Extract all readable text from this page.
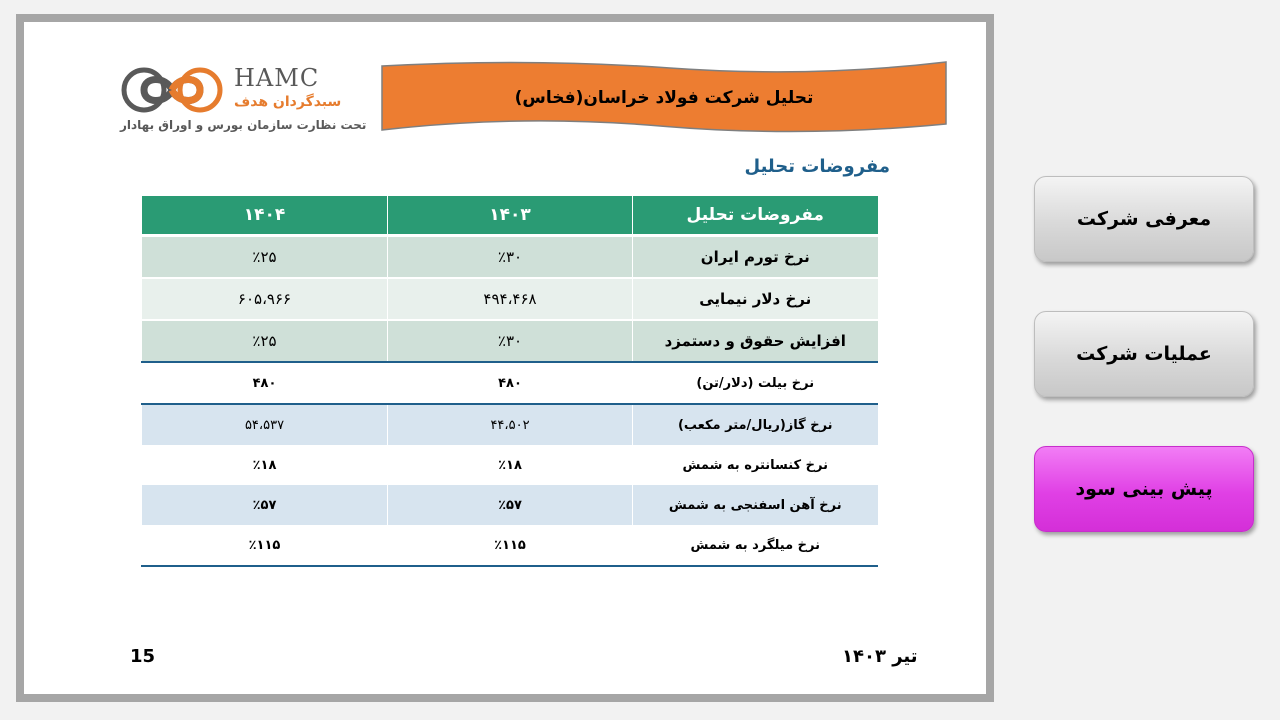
HAMC
سبدگردان هدف
تحت نظارت سازمان بورس و اوراق بهادار
تحلیل شرکت فولاد خراسان(فخاس)
مفروضات تحلیل
مفروضات تحلیل	۱۴۰۳	۱۴۰۴
نرخ تورم ایران	٪۳۰	٪۲۵
نرخ دلار نیمایی	۴۹۴،۴۶۸	۶۰۵،۹۶۶
افزایش حقوق و دستمزد	٪۳۰	٪۲۵
نرخ بیلت (دلار/تن)	۴۸۰	۴۸۰
نرخ گاز(ریال/متر مکعب)	۴۴،۵۰۲	۵۴،۵۳۷
نرخ کنسانتره به شمش	٪۱۸	٪۱۸
نرخ آهن اسفنجی به شمش	٪۵۷	٪۵۷
نرخ میلگرد به شمش	٪۱۱۵	٪۱۱۵
تیر ۱۴۰۳
15
معرفی شرکت
عملیات شرکت
پیش بینی سود
